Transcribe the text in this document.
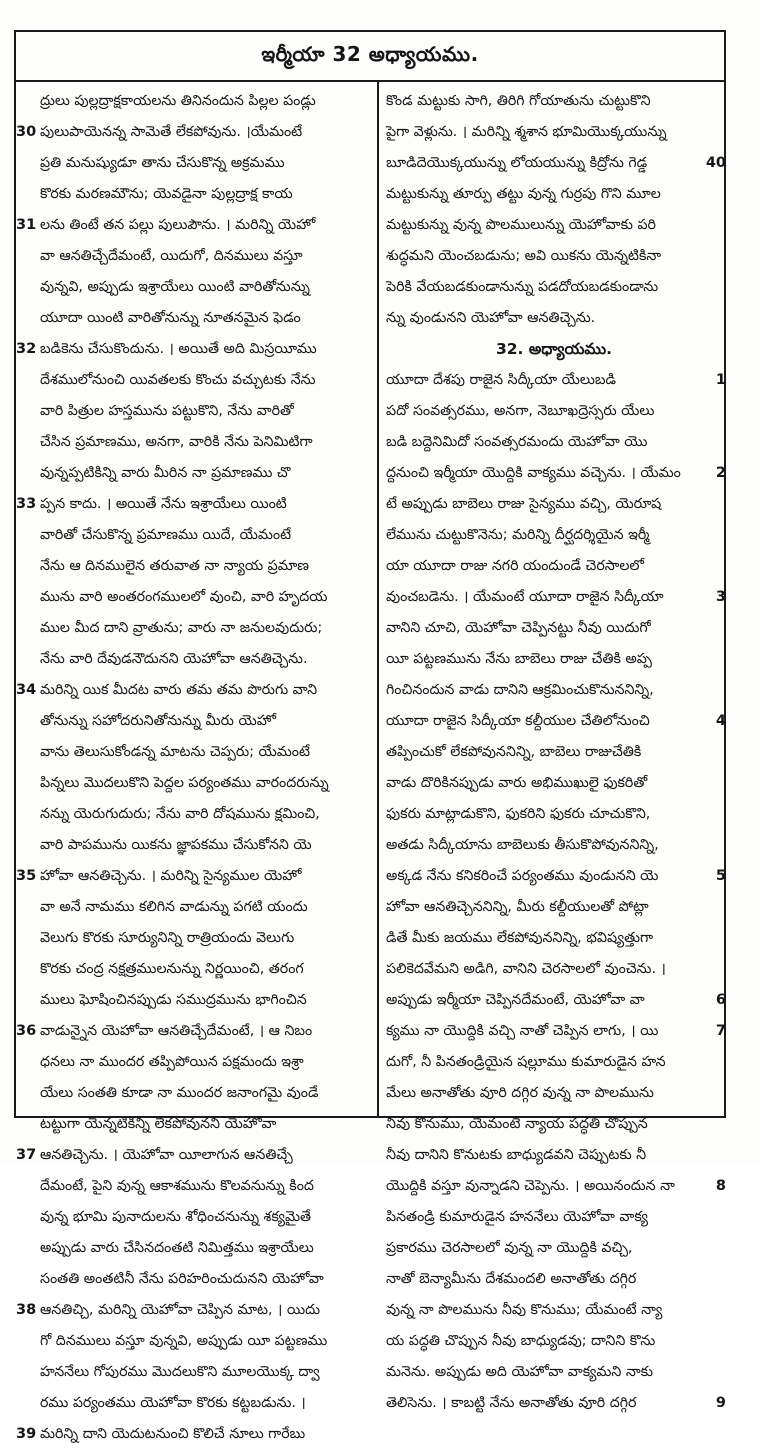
ఇర్మీయా 32 అధ్యాయము.
ద్రులు పుల్లద్రాక్షకాయలను తినినందున పిల్లల పండ్లు
30 పులుపాయెనన్న సామెతే లేకపోవును. ।యేమంటే
ప్రతి మనుష్యుడూ తాను చేసుకొన్న అక్రమము
కొరకు మరణమౌను; యెవడైనా పుల్లద్రాక్ష కాయ
31 లను తింటే తన పల్లు పులుపౌను. । మరిన్ని యెహో
వా ఆనతిచ్చేదేమంటే, యిదుగో, దినములు వస్తూ
వున్నవి, అప్పుడు ఇశ్రాయేలు యింటి వారితోనున్ను
యూదా యింటి వారితోనున్ను నూతనమైన ఫెడం
32 బడికెను చేసుకొందును. । అయితే అది మిస్రయీము
దేశములోనుంచి యివతలకు కొంచు వచ్చుటకు నేను
వారి పిత్రుల హస్తమును పట్టుకొని, నేను వారితో
చేసిన ప్రమాణము, అనగా, వారికి నేను పెనిమిటిగా
వున్నప్పటికిన్ని వారు మీరిన నా ప్రమాణము చొ
33 ప్పన కాదు. । అయితే నేను ఇశ్రాయేలు యింటి
వారితో చేసుకొన్న ప్రమాణము యిదే, యేమంటే
నేను ఆ దినములైన తరువాత నా న్యాయ ప్రమాణ
మును వారి అంతరంగములలో వుంచి, వారి హృదయ
ముల మీద దాని వ్రాతును; వారు నా జనులవుదురు;
నేను వారి దేవుడనౌదునని యెహోవా ఆనతిచ్చెను.
34 మరిన్ని యిక మీదట వారు తమ తమ పొరుగు వాని
తోనున్ను సహోదరునితోనున్ను మీరు యెహో
వాను తెలుసుకోండన్న మాటను చెప్పరు; యేమంటే
పిన్నలు మొదలుకొని పెద్దల పర్యంతము వారందరున్ను
నన్ను యెరుగుదురు; నేను వారి దోషమును క్షమించి,
వారి పాపమును యికను జ్ఞాపకము చేసుకోనని యె
35 హోవా ఆనతిచ్చెను. । మరిన్ని సైన్యముల యెహో
వా అనే నామము కలిగిన వాడున్ను పగటి యందు
వెలుగు కొరకు సూర్యునిన్ని రాత్రియందు వెలుగు
కొరకు చంద్ర నక్షత్రములనున్ను నిర్ణయించి, తరంగ
ములు ఘోషించినప్పుడు సముద్రమును భాగించిన
36 వాడున్నైన యెహోవా ఆనతిచ్చేదేమంటే, । ఆ నిబం
ధనలు నా ముందర తప్పిపోయిన పక్షమందు ఇశ్రా
యేలు సంతతి కూడా నా ముందర జనాంగమై వుండే
టట్టుగా యెన్నటికిన్ని లేకపోవునని యెహోవా
37 ఆనతిచ్చెను. । యెహోవా యీలాగున ఆనతిచ్చే
దేమంటే, పైని వున్న ఆకాశమును కొలవనున్ను కింద
వున్న భూమి పునాదులను శోధించనున్ను శక్యమైతే
అప్పుడు వారు చేసినదంతటి నిమిత్తము ఇశ్రాయేలు
సంతతి అంతటినీ నేను పరిహరించుదునని యెహోవా
38 ఆనతిచ్చి, మరిన్ని యెహోవా చెప్పిన మాట, । యిదు
గో దినములు వస్తూ వున్నవి, అప్పుడు యీ పట్టణము
హననేలు గోపురము మొదలుకొని మూలయొక్క ద్వా
రము పర్యంతము యెహోవా కొరకు కట్టబడును. ।
39 మరిన్ని దాని యెదుటనుంచి కొలిచే నూలు గారేబు
కొండ మట్టుకు సాగి, తిరిగి గోయాతును చుట్టుకొని
పైగా వెళ్లును. । మరిన్ని శ్మశాన భూమియొక్కయున్ను
40
బూడిదెయొక్కయున్ను లోయయున్ను కిద్రోను గెడ్డ
మట్టుకున్ను తూర్పు తట్టు వున్న గుర్రపు గొని మూల
మట్టుకున్ను వున్న పొలములున్ను యెహోవాకు పరి
శుద్ధమని యెంచబడును; అవి యికను యెన్నటికినా
పెరికి వేయబడకుండానున్ను పడదోయబడకుండాను
న్ను వుండునని యెహోవా ఆనతిచ్చెను.
32. అధ్యాయము.
1
యూదా దేశపు రాజైన సిద్కీయా యేలుబడి
పదో సంవత్సరము, అనగా, నెబూఖద్రెస్సరు యేలు
బడి బద్దెనిమిదో సంవత్సరమందు యెహోవా యొ
2
ద్దనుంచి ఇర్మీయా యొద్దికి వాక్యము వచ్చెను. । యేమం
టే అప్పుడు బాబెలు రాజు సైన్యము వచ్చి, యెరూష
లేమును చుట్టుకొనెను; మరిన్ని దీర్ఘదర్శియైన ఇర్మీ
యా యూదా రాజు నగరి యందుండే చెరసాలలో
3
వుంచబడెను. । యేమంటే యూదా రాజైన సిద్కీయా
వానిని చూచి, యెహోవా చెప్పినట్టు నీవు యిదుగో
యీ పట్టణమును నేను బాబెలు రాజు చేతికి అప్ప
గించినందున వాడు దానిని ఆక్రమించుకొనుననిన్ని,
4
యూదా రాజైన సిద్కీయా కల్దీయుల చేతిలోనుంచి
తప్పించుకో లేకపోవుననిన్ని, బాబెలు రాజుచేతికి
వాడు దొరికినప్పుడు వారు అభిముఖులై ఫుకరితో
ఫుకరు మాట్లాడుకొని, ఫుకరిని ఫుకరు చూచుకొని,
అతడు సిద్కీయాను బాబెలుకు తీసుకొపోవుననిన్ని,
5
అక్కడ నేను కనికరించే పర్యంతము వుండునని యె
హోవా ఆనతిచ్చెననిన్ని, మీరు కల్దీయులతో పోట్లా
డితే మీకు జయము లేకపోవుననిన్ని, భవిష్యత్తుగా
పలికెదవేమని అడిగి, వానిని చెరసాలలో వుంచెను. ।
6
అప్పుడు ఇర్మీయా చెప్పినదేమంటే, యెహోవా వా
7
క్యము నా యొద్దికి వచ్చి నాతో చెప్పిన లాగు, । యి
దుగో, నీ పినతండ్రియైన షల్లూము కుమారుడైన హన
మేలు అనాతోతు వూరి దగ్గిర వున్న నా పొలమును
నీవు కొనుము, యేమంటే న్యాయ పద్ధతి చొప్పున
నీవు దానిని కొనుటకు బాధ్యుడవని చెప్పుటకు నీ
8
యొద్దికి వస్తూ వున్నాడని చెప్పెను. । అయినందున నా
పినతండ్రి కుమారుడైన హననేలు యెహోవా వాక్య
ప్రకారము చెరసాలలో వున్న నా యొద్దికి వచ్చి,
నాతో బెన్యామీను దేశమందలి అనాతోతు దగ్గిర
వున్న నా పొలమును నీవు కొనుము; యేమంటే న్యా
య పద్ధతి చొప్పున నీవు బాధ్యుడవు; దానిని కొను
మనెను. అప్పుడు అది యెహోవా వాక్యమని నాకు
9
తెలిసెను. । కాబట్టి నేను అనాతోతు వూరి దగ్గిర
